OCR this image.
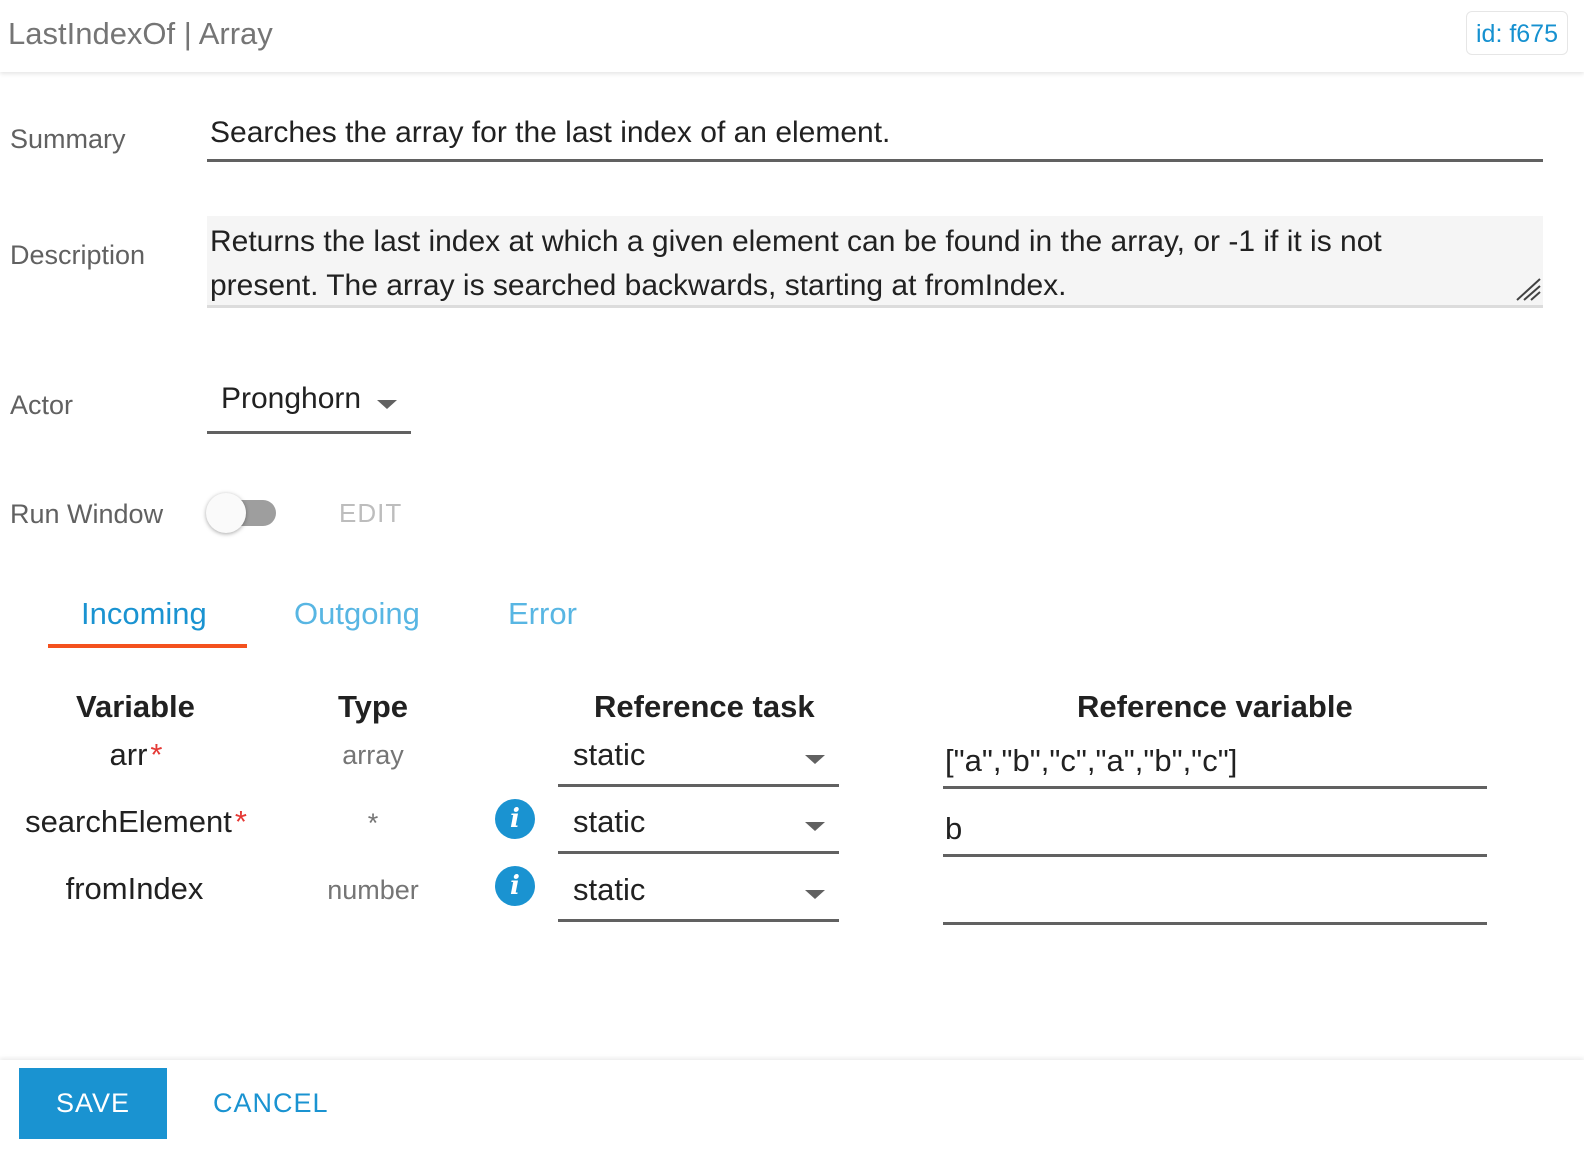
LastIndexOf | Array	id: f675
Summary	Searches the array for the last index of an element.
Description Returns the last index at which a given element can be found in the array, or -1 if it is not present. The array is searched backwards, starting at fromIndex.
Actor	Pronghorn
Run Window	EDIT
Incoming	Outgoing	Error
Variable	Type	Reference task	Reference variable
arr*	array	static	["a","b","c","a","b","c"]
searchElement*	*	i	static	b
fromIndex	number	i	static
SAVE	CANCEL
